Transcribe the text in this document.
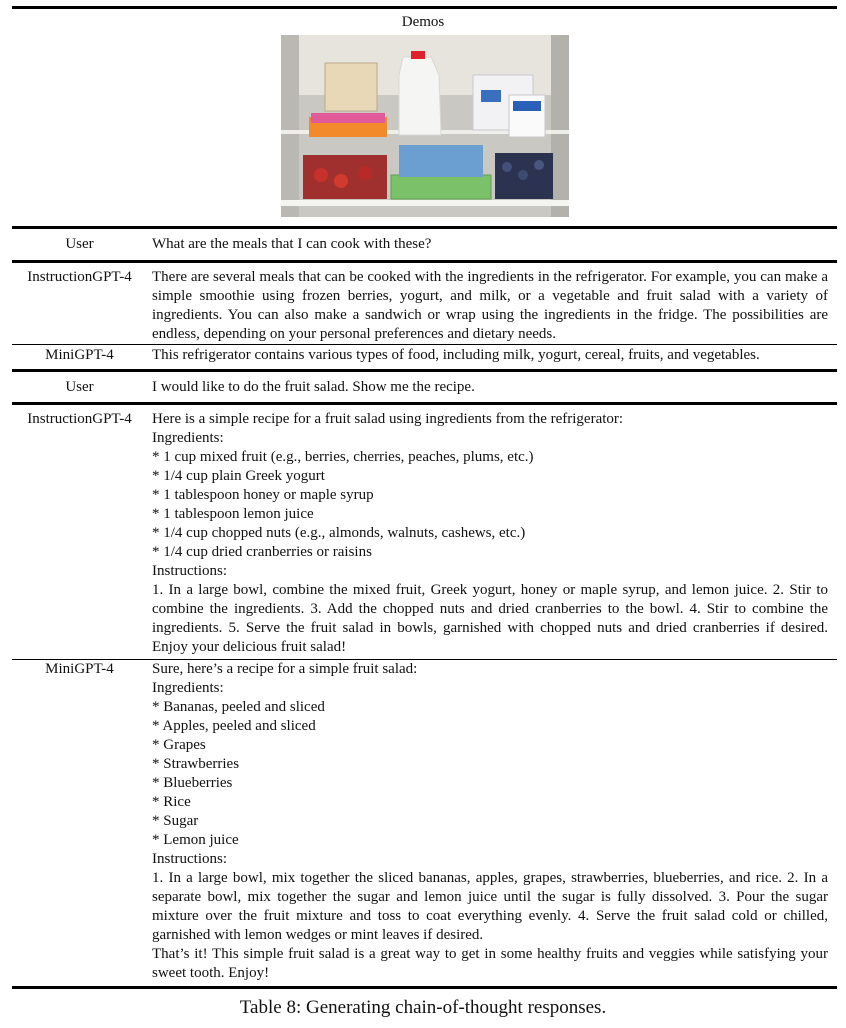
Demos
User	What are the meals that I can cook with these?
InstructionGPT-4	There are several meals that can be cooked with the ingredients in the refrigerator. For example, you can make a simple smoothie using frozen berries, yogurt, and milk, or a vegetable and fruit salad with a variety of ingredients. You can also make a sandwich or wrap using the ingredients in the fridge. The possibilities are endless, depending on your personal preferences and dietary needs.
MiniGPT-4	This refrigerator contains various types of food, including milk, yogurt, cereal, fruits, and vegetables.
User	I would like to do the fruit salad. Show me the recipe.
InstructionGPT-4	Here is a simple recipe for a fruit salad using ingredients from the refrigerator:
Ingredients:
* 1 cup mixed fruit (e.g., berries, cherries, peaches, plums, etc.)
* 1/4 cup plain Greek yogurt
* 1 tablespoon honey or maple syrup
* 1 tablespoon lemon juice
* 1/4 cup chopped nuts (e.g., almonds, walnuts, cashews, etc.)
* 1/4 cup dried cranberries or raisins
Instructions:
1. In a large bowl, combine the mixed fruit, Greek yogurt, honey or maple syrup, and lemon juice. 2. Stir to combine the ingredients. 3. Add the chopped nuts and dried cranberries to the bowl. 4. Stir to combine the ingredients. 5. Serve the fruit salad in bowls, garnished with chopped nuts and dried cranberries if desired. Enjoy your delicious fruit salad!
MiniGPT-4	Sure, here’s a recipe for a simple fruit salad:
Ingredients:
* Bananas, peeled and sliced
* Apples, peeled and sliced
* Grapes
* Strawberries
* Blueberries
* Rice
* Sugar
* Lemon juice
Instructions:
1. In a large bowl, mix together the sliced bananas, apples, grapes, strawberries, blueberries, and rice. 2. In a separate bowl, mix together the sugar and lemon juice until the sugar is fully dissolved. 3. Pour the sugar mixture over the fruit mixture and toss to coat everything evenly. 4. Serve the fruit salad cold or chilled, garnished with lemon wedges or mint leaves if desired.
That’s it! This simple fruit salad is a great way to get in some healthy fruits and veggies while satisfying your sweet tooth. Enjoy!
Table 8: Generating chain-of-thought responses.
